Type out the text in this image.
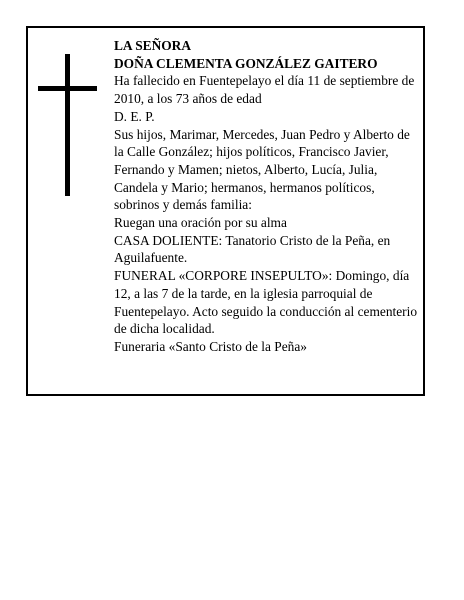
LA SEÑORA

DOÑA CLEMENTA GONZÁLEZ GAITERO

Ha fallecido en Fuentepelayo el día 11 de septiembre de 2010, a los 73 años de edad

D. E. P.

Sus hijos, Marimar, Mercedes, Juan Pedro y Alberto de la Calle González; hijos políticos, Francisco Javier, Fernando y Mamen; nietos, Alberto, Lucía, Julia, Candela y Mario; hermanos, hermanos políticos, sobrinos y demás familia:

Ruegan una oración por su alma

CASA DOLIENTE: Tanatorio Cristo de la Peña, en Aguilafuente.

FUNERAL «CORPORE INSEPULTO»: Domingo, día 12, a las 7 de la tarde, en la iglesia parroquial de Fuentepelayo. Acto seguido la conducción al cementerio de dicha localidad.

Funeraria «Santo Cristo de la Peña»
